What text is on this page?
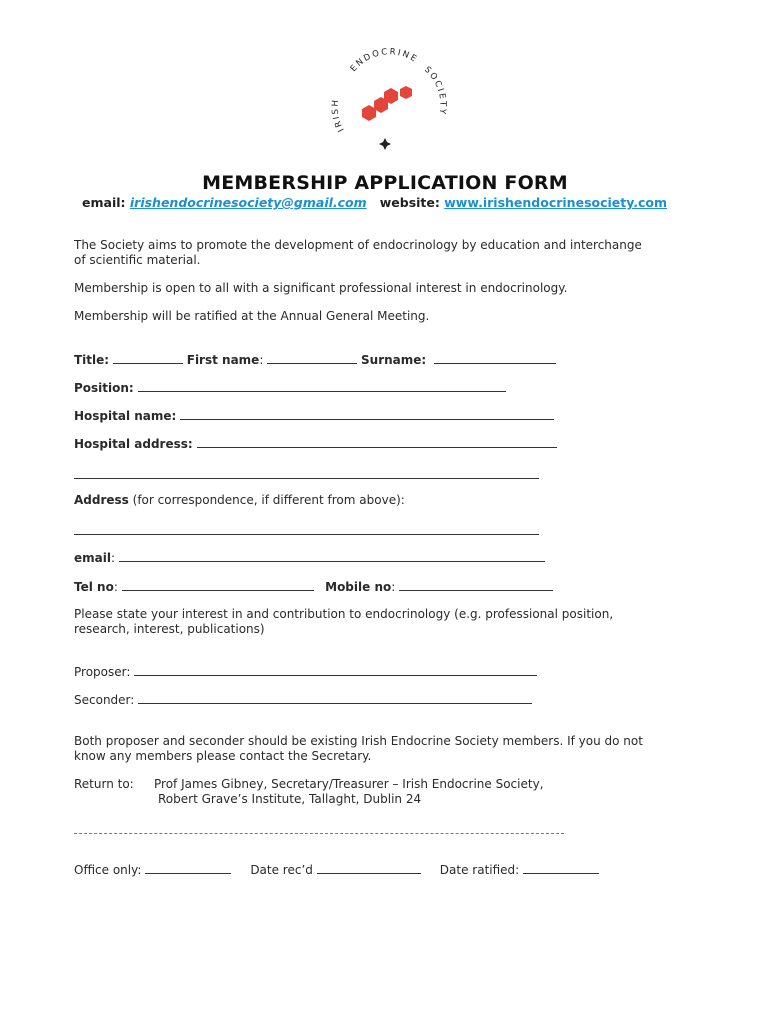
IRISH
ENDOCRINE
SOCIETY
MEMBERSHIP APPLICATION FORM
email: irishendocrinesociety@gmail.com website: www.irishendocrinesociety.com
The Society aims to promote the development of endocrinology by education and interchange
of scientific material.
Membership is open to all with a significant professional interest in endocrinology.
Membership will be ratified at the Annual General Meeting.
Title:	First name:	Surname:
Position:
Hospital name:
Hospital address:
Address (for correspondence, if different from above):
email:
Tel no:	Mobile no:
Please state your interest in and contribution to endocrinology (e.g. professional position,
research, interest, publications)
Proposer:
Seconder:
Both proposer and seconder should be existing Irish Endocrine Society members. If you do not
know any members please contact the Secretary.
Return to: Prof James Gibney, Secretary/Treasurer – Irish Endocrine Society,
Robert Grave’s Institute, Tallaght, Dublin 24
Office only:	Date rec’d	Date ratified:
